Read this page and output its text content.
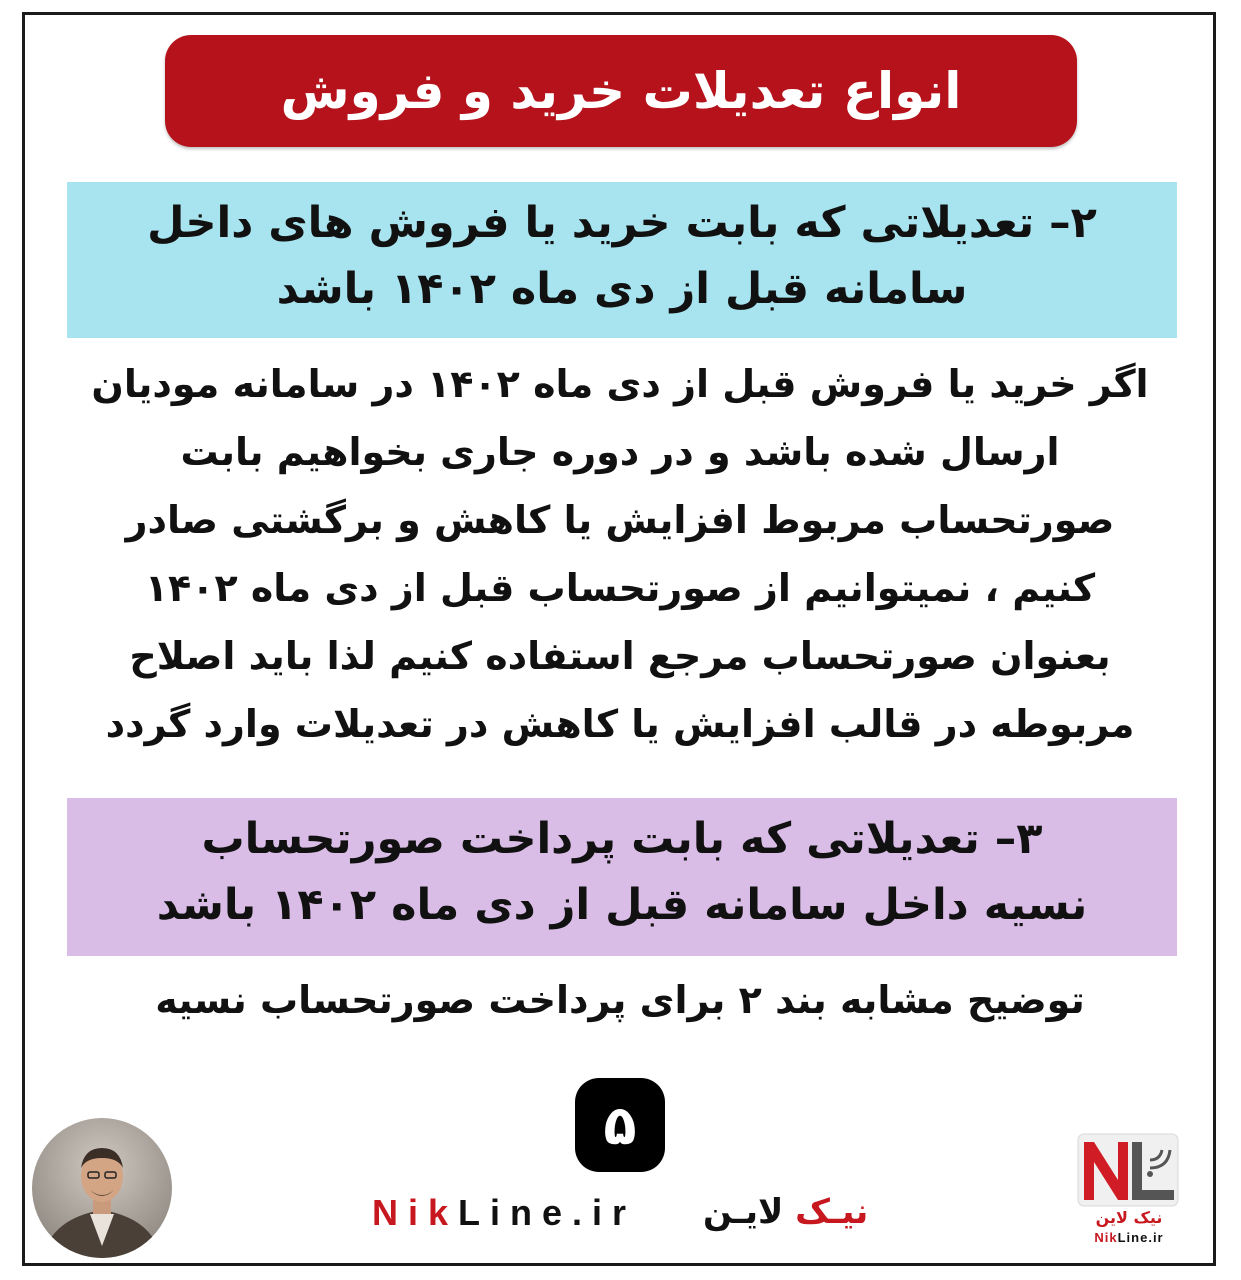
انواع تعدیلات خرید و فروش
۲– تعدیلاتی که بابت خرید یا فروش های داخل
سامانه قبل از دی ماه ۱۴۰۲ باشد
اگر خرید یا فروش قبل از دی ماه ۱۴۰۲ در سامانه مودیان
ارسال شده باشد و در دوره جاری بخواهیم بابت
صورتحساب مربوط افزایش یا کاهش و برگشتی صادر
کنیم ، نمیتوانیم از صورتحساب قبل از دی ماه ۱۴۰۲
بعنوان صورتحساب مرجع استفاده کنیم لذا باید اصلاح
مربوطه در قالب افزایش یا کاهش در تعدیلات وارد گردد
۳– تعدیلاتی که بابت پرداخت صورتحساب
نسیه داخل سامانه قبل از دی ماه ۱۴۰۲ باشد
توضیح مشابه بند ۲ برای پرداخت صورتحساب نسیه
۵
NikLine.ir	نیـک لایـن	نیک لاین
NikLine.ir
